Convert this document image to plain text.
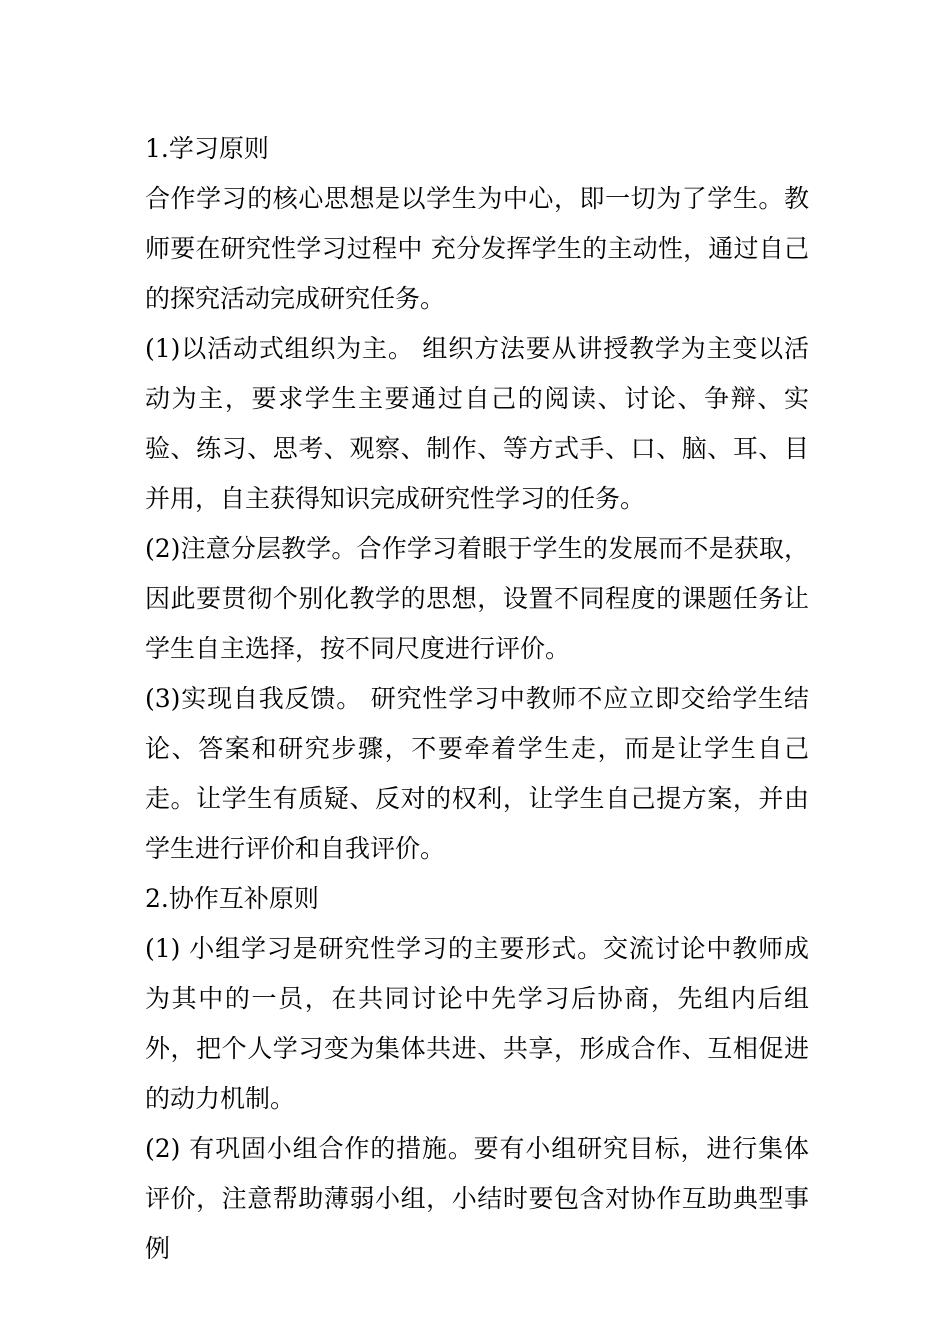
1.学习原则

合作学习的核心思想是以学生为中心，即一切为了学生。教师要在研究性学习过程中 充分发挥学生的主动性，通过自己的探究活动完成研究任务。

(1)以活动式组织为主。 组织方法要从讲授教学为主变以活动为主，要求学生主要通过自己的阅读、讨论、争辩、实验、练习、思考、观察、制作、等方式手、口、脑、耳、目并用，自主获得知识完成研究性学习的任务。

(2)注意分层教学。合作学习着眼于学生的发展而不是获取，因此要贯彻个别化教学的思想，设置不同程度的课题任务让学生自主选择，按不同尺度进行评价。

(3)实现自我反馈。 研究性学习中教师不应立即交给学生结论、答案和研究步骤，不要牵着学生走，而是让学生自己走。让学生有质疑、反对的权利，让学生自己提方案，并由学生进行评价和自我评价。

2.协作互补原则

(1) 小组学习是研究性学习的主要形式。交流讨论中教师成为其中的一员，在共同讨论中先学习后协商，先组内后组外，把个人学习变为集体共进、共享，形成合作、互相促进的动力机制。

(2) 有巩固小组合作的措施。要有小组研究目标，进行集体评价，注意帮助薄弱小组，小结时要包含对协作互助典型事例
